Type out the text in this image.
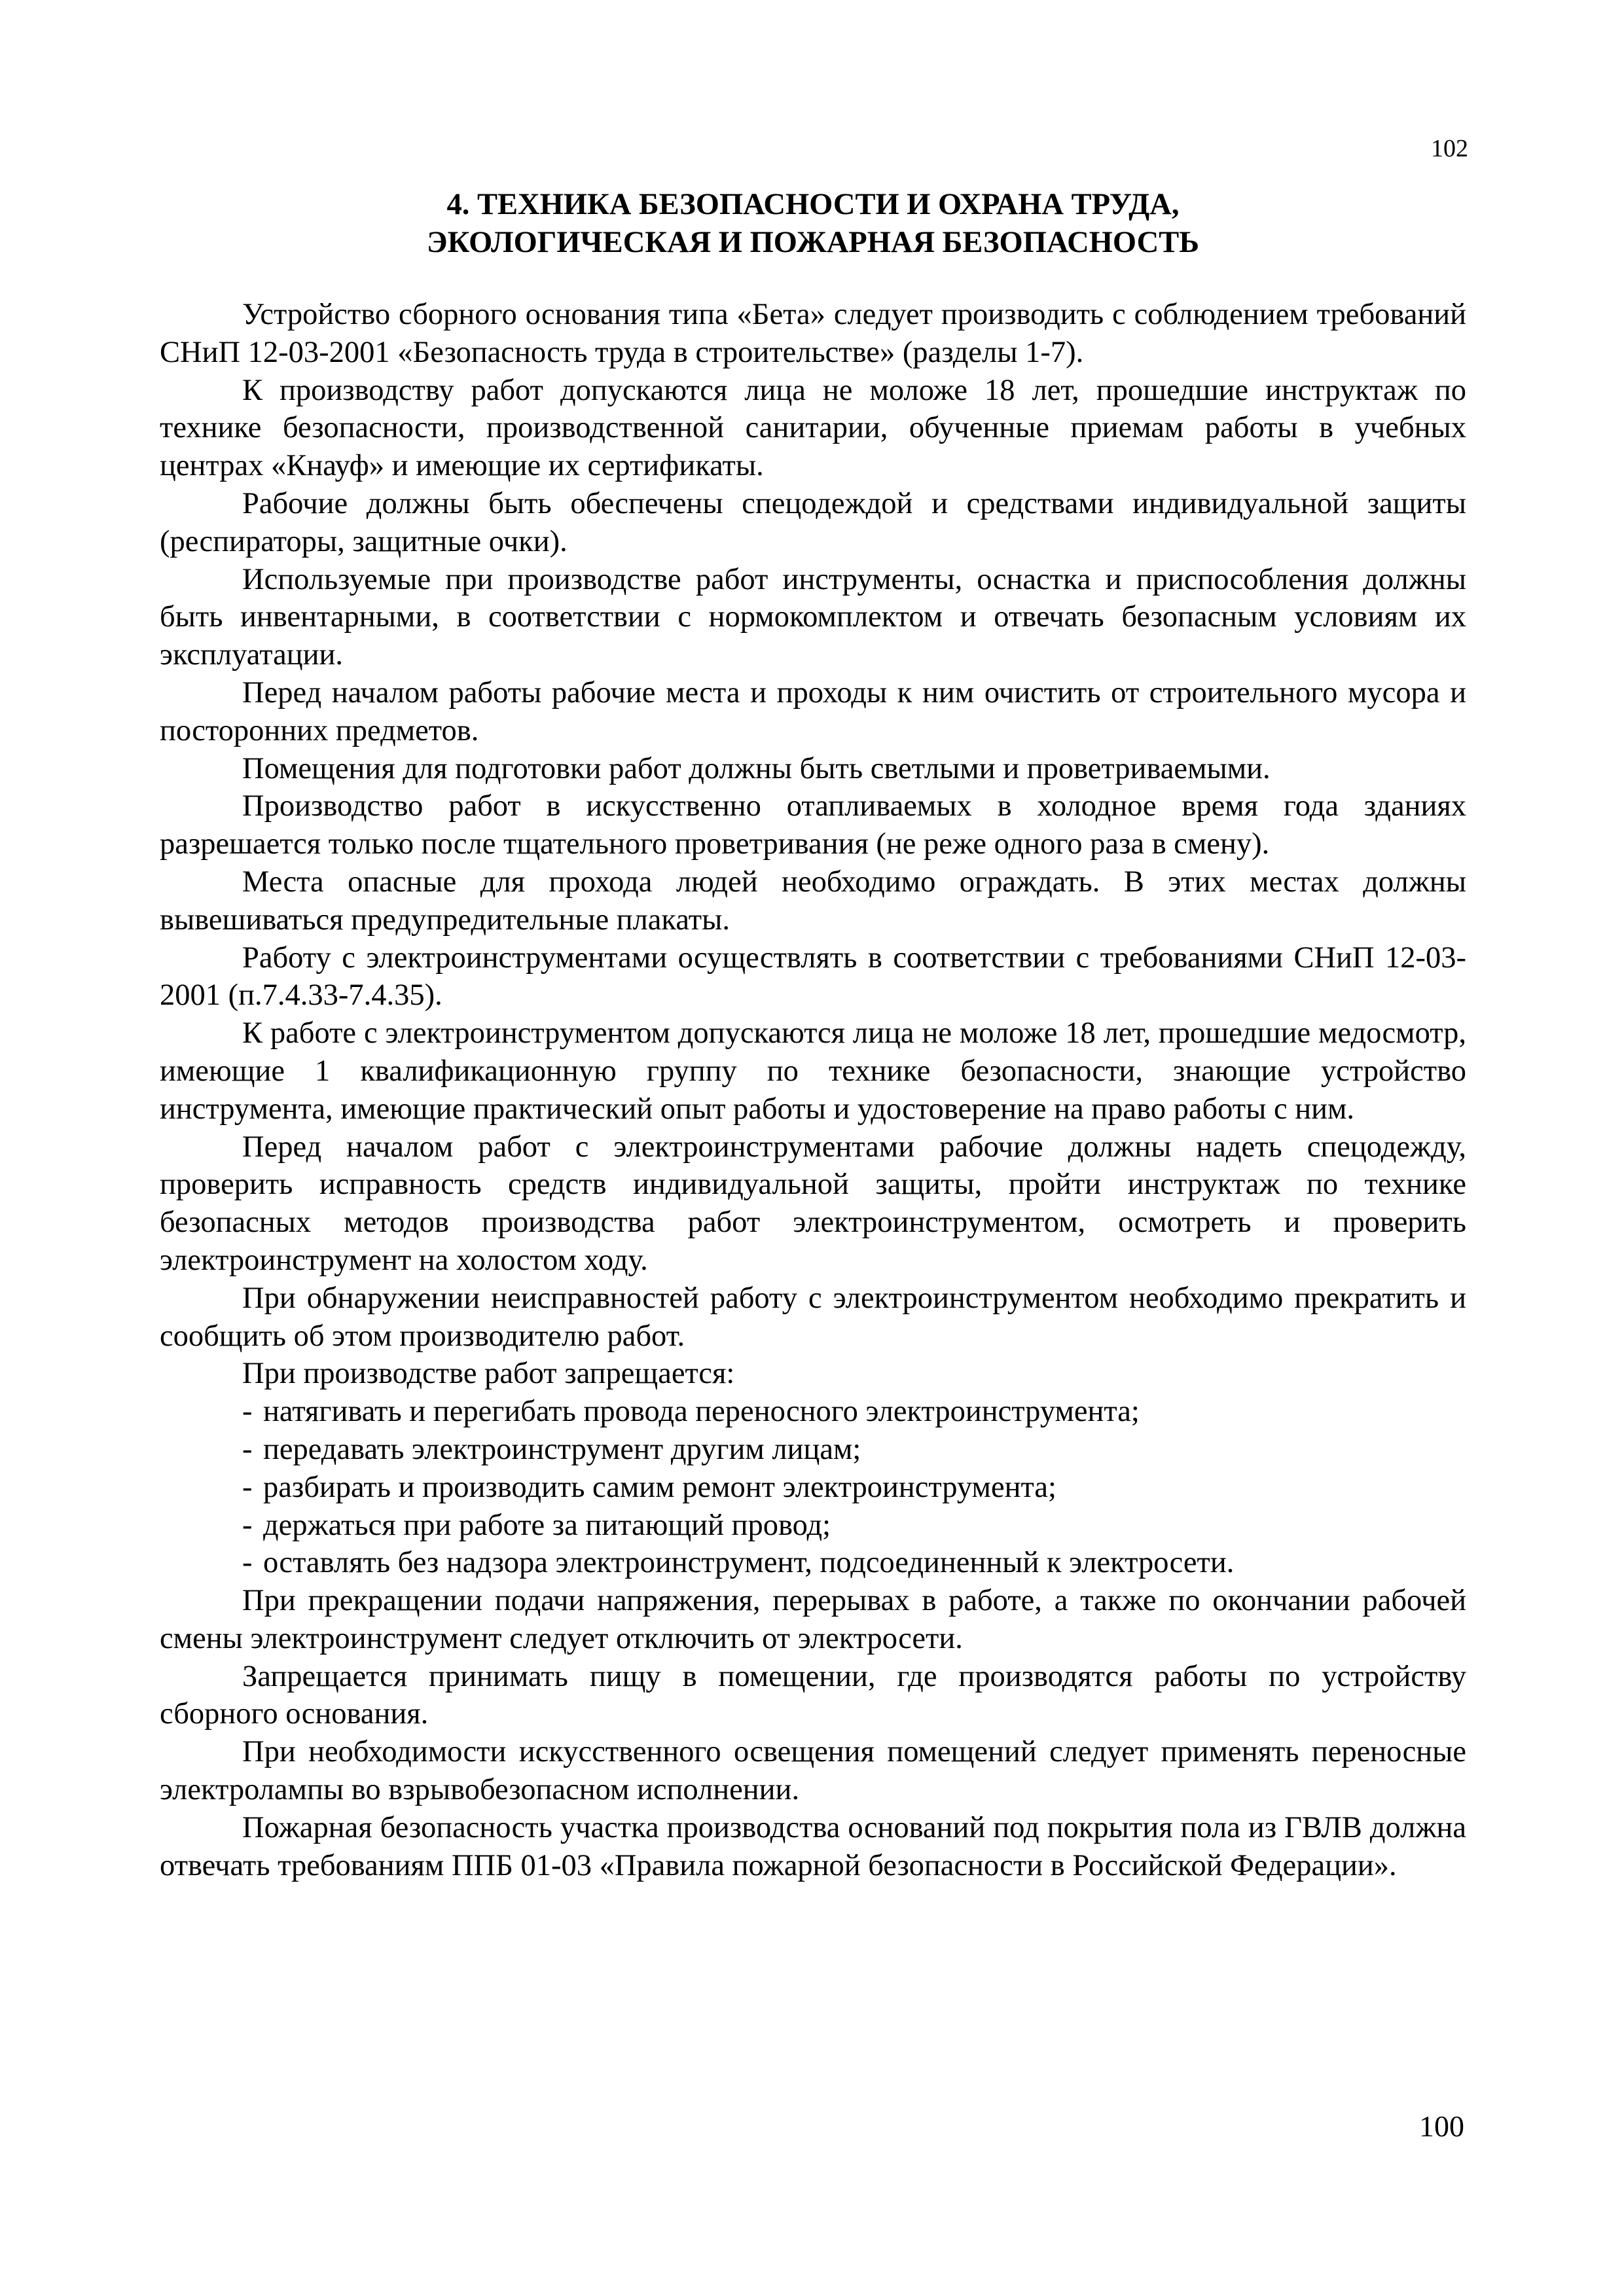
102
4. ТЕХНИКА БЕЗОПАСНОСТИ И ОХРАНА ТРУДА,
ЭКОЛОГИЧЕСКАЯ И ПОЖАРНАЯ БЕЗОПАСНОСТЬ

Устройство сборного основания типа «Бета» следует производить с соблюдением требований СНиП 12-03-2001 «Безопасность труда в строительстве» (разделы 1-7).

К производству работ допускаются лица не моложе 18 лет, прошедшие инструктаж по технике безопасности, производственной санитарии, обученные приемам работы в учебных центрах «Кнауф» и имеющие их сертификаты.

Рабочие должны быть обеспечены спецодеждой и средствами индивидуальной защиты (респираторы, защитные очки).

Используемые при производстве работ инструменты, оснастка и приспособления должны быть инвентарными, в соответствии с нормокомплектом и отвечать безопасным условиям их эксплуатации.

Перед началом работы рабочие места и проходы к ним очистить от строительного мусора и посторонних предметов.

Помещения для подготовки работ должны быть светлыми и проветриваемыми.

Производство работ в искусственно отапливаемых в холодное время года зданиях разрешается только после тщательного проветривания (не реже одного раза в смену).

Места опасные для прохода людей необходимо ограждать. В этих местах должны вывешиваться предупредительные плакаты.

Работу с электроинструментами осуществлять в соответствии с требованиями СНиП 12-03-2001 (п.7.4.33-7.4.35).

К работе с электроинструментом допускаются лица не моложе 18 лет, прошедшие медосмотр, имеющие 1 квалификационную группу по технике безопасности, знающие устройство инструмента, имеющие практический опыт работы и удостоверение на право работы с ним.

Перед началом работ с электроинструментами рабочие должны надеть спецодежду, проверить исправность средств индивидуальной защиты, пройти инструктаж по технике безопасных методов производства работ электроинструментом, осмотреть и проверить электроинструмент на холостом ходу.

При обнаружении неисправностей работу с электроинструментом необходимо прекратить и сообщить об этом производителю работ.

При производстве работ запрещается:

- натягивать и перегибать провода переносного электроинструмента;
- передавать электроинструмент другим лицам;
- разбирать и производить самим ремонт электроинструмента;
- держаться при работе за питающий провод;
- оставлять без надзора электроинструмент, подсоединенный к электросети.

При прекращении подачи напряжения, перерывах в работе, а также по окончании рабочей смены электроинструмент следует отключить от электросети.

Запрещается принимать пищу в помещении, где производятся работы по устройству сборного основания.

При необходимости искусственного освещения помещений следует применять переносные электролампы во взрывобезопасном исполнении.

Пожарная безопасность участка производства оснований под покрытия пола из ГВЛВ должна отвечать требованиям ППБ 01-03 «Правила пожарной безопасности в Российской Федерации».

100
